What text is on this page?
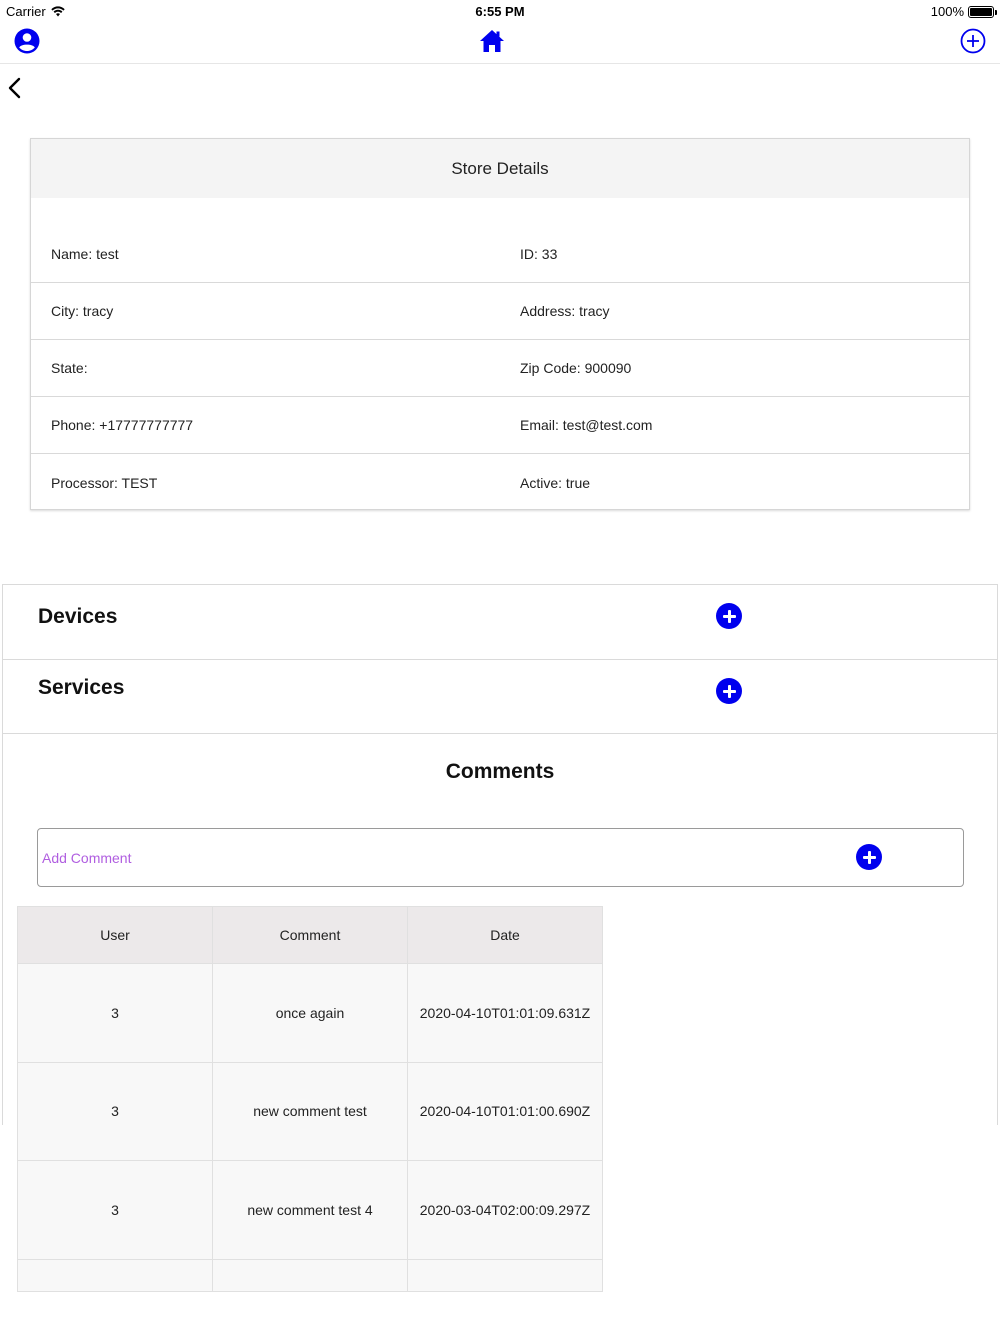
Carrier	6:55 PM	100%
Store Details
Name: test	ID: 33
City: tracy	Address: tracy
State:	Zip Code: 900090
Phone: +17777777777	Email: test@test.com
Processor: TEST	Active: true
Devices
Services
Comments
Add Comment
User	Comment	Date
3	once again	2020-04-10T01:01:09.631Z
3	new comment test	2020-04-10T01:01:00.690Z
3	new comment test 4	2020-03-04T02:00:09.297Z
